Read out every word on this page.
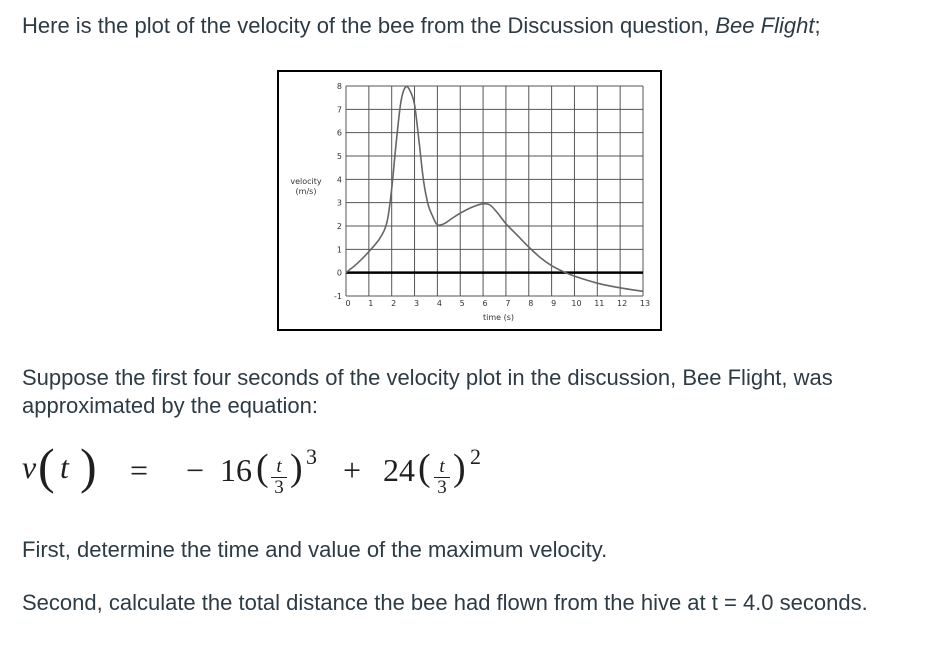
Here is the plot of the velocity of the bee from the Discussion question, Bee Flight;
0 1 2 3 4 5 6 7 8 9 10 11 12 13
-1
0
1
2
3
4
5
6
7
8
velocity
(m/s)
time (s)
Suppose the first four seconds of the velocity plot in the discussion, Bee Flight, was approximated by the equation:
v ( t ) = − 16 ( t
3 ) 3 + 24 ( t
3 ) 2
First, determine the time and value of the maximum velocity.
Second, calculate the total distance the bee had flown from the hive at t = 4.0 seconds.
